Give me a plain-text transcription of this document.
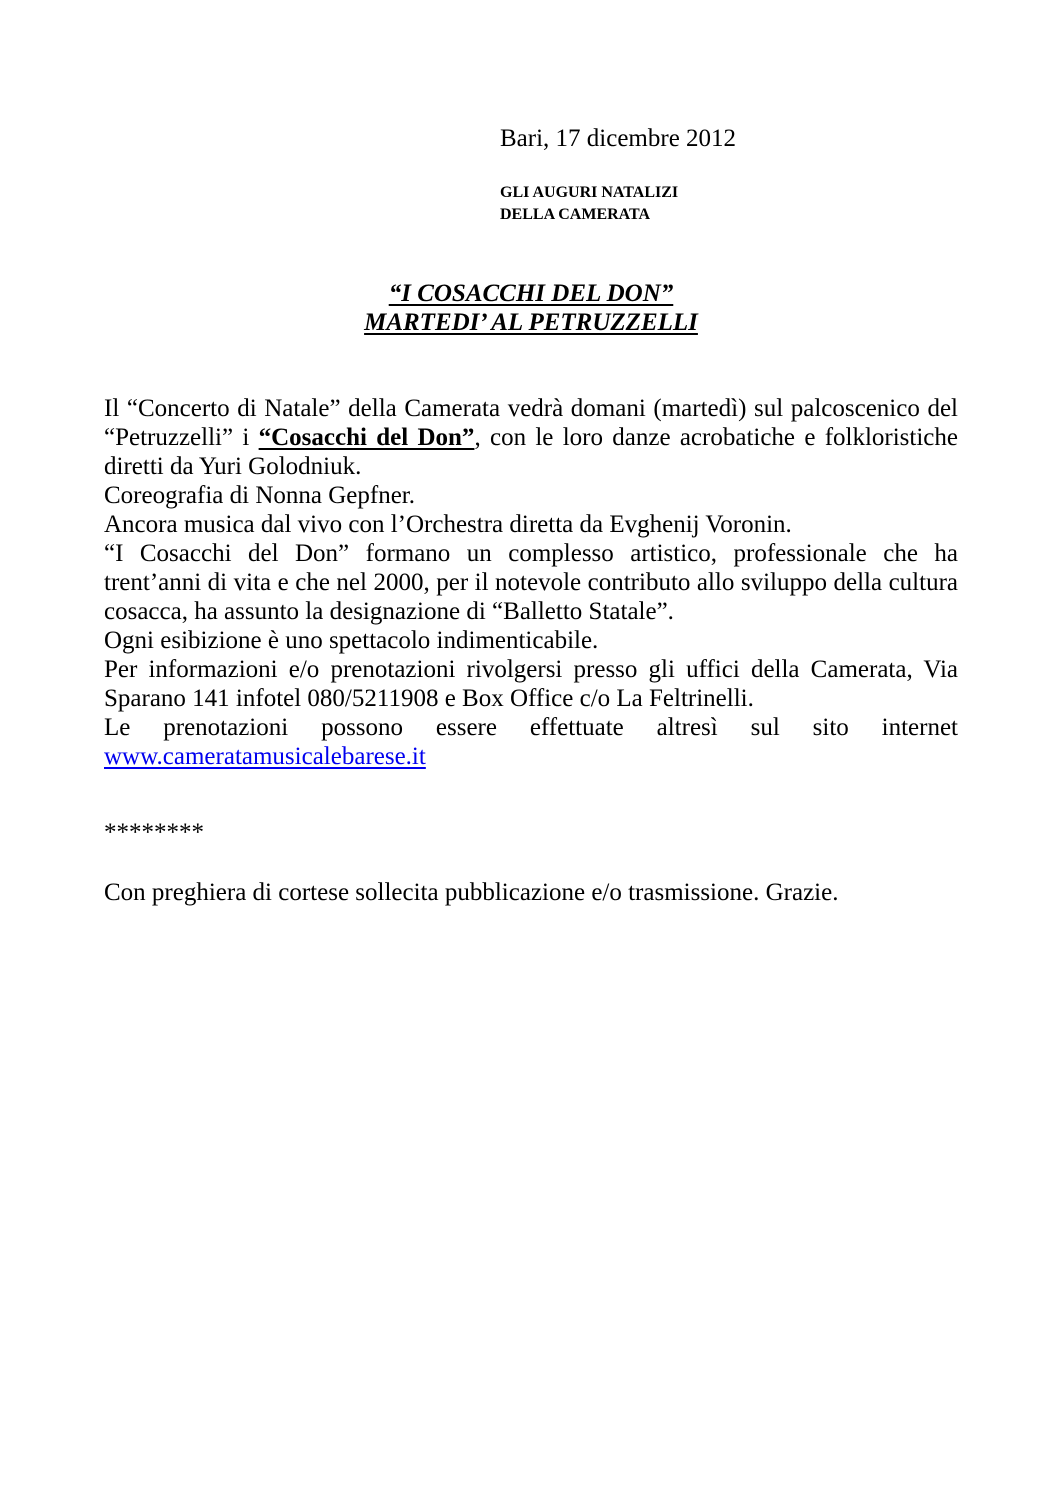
Bari, 17 dicembre 2012
GLI AUGURI NATALIZI
DELLA CAMERATA
“I COSACCHI DEL DON”
MARTEDI’ AL PETRUZZELLI

Il “Concerto di Natale” della Camerata vedrà domani (martedì) sul palcoscenico del “Petruzzelli” i “Cosacchi del Don”, con le loro danze acrobatiche e folkloristiche diretti da Yuri Golodniuk.

Coreografia di Nonna Gepfner.

Ancora musica dal vivo con l’Orchestra diretta da Evghenij Voronin.

“I Cosacchi del Don” formano un complesso artistico, professionale che ha trent’anni di vita e che nel 2000, per il notevole contributo allo sviluppo della cultura cosacca, ha assunto la designazione di “Balletto Statale”.

Ogni esibizione è uno spettacolo indimenticabile.

Per informazioni e/o prenotazioni rivolgersi presso gli uffici della Camerata, Via Sparano 141 infotel 080/5211908 e Box Office c/o La Feltrinelli.

Le prenotazioni possono essere effettuate altresì sul sito internet

www.cameratamusicalebarese.it

********
Con preghiera di cortese sollecita pubblicazione e/o trasmissione. Grazie.
